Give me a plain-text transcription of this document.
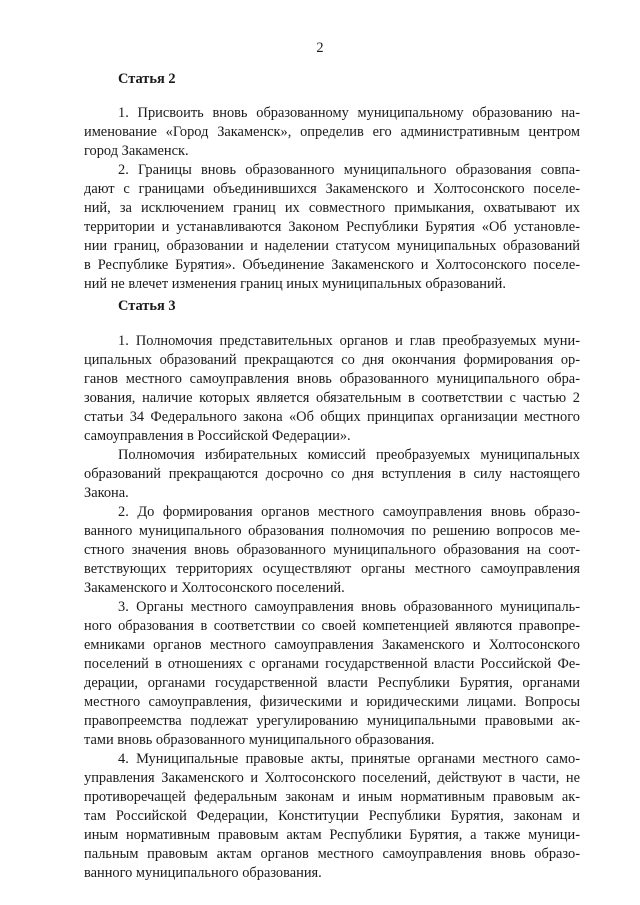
2
Статья 2
1. Присвоить вновь образованному муниципальному образованию на-
именование «Город Закаменск», определив его административным центром
город Закаменск.
2. Границы вновь образованного муниципального образования совпа-
дают с границами объединившихся Закаменского и Холтосонского поселе-
ний, за исключением границ их совместного примыкания, охватывают их
территории и устанавливаются Законом Республики Бурятия «Об установле-
нии границ, образовании и наделении статусом муниципальных образований
в Республике Бурятия». Объединение Закаменского и Холтосонского поселе-
ний не влечет изменения границ иных муниципальных образований.
Статья 3
1. Полномочия представительных органов и глав преобразуемых муни-
ципальных образований прекращаются со дня окончания формирования ор-
ганов местного самоуправления вновь образованного муниципального обра-
зования, наличие которых является обязательным в соответствии с частью 2
статьи 34 Федерального закона «Об общих принципах организации местного
самоуправления в Российской Федерации».
Полномочия избирательных комиссий преобразуемых муниципальных
образований прекращаются досрочно со дня вступления в силу настоящего
Закона.
2. До формирования органов местного самоуправления вновь образо-
ванного муниципального образования полномочия по решению вопросов ме-
стного значения вновь образованного муниципального образования на соот-
ветствующих территориях осуществляют органы местного самоуправления
Закаменского и Холтосонского поселений.
3. Органы местного самоуправления вновь образованного муниципаль-
ного образования в соответствии со своей компетенцией являются правопре-
емниками органов местного самоуправления Закаменского и Холтосонского
поселений в отношениях с органами государственной власти Российской Фе-
дерации, органами государственной власти Республики Бурятия, органами
местного самоуправления, физическими и юридическими лицами. Вопросы
правопреемства подлежат урегулированию муниципальными правовыми ак-
тами вновь образованного муниципального образования.
4. Муниципальные правовые акты, принятые органами местного само-
управления Закаменского и Холтосонского поселений, действуют в части, не
противоречащей федеральным законам и иным нормативным правовым ак-
там Российской Федерации, Конституции Республики Бурятия, законам и
иным нормативным правовым актам Республики Бурятия, а также муници-
пальным правовым актам органов местного самоуправления вновь образо-
ванного муниципального образования.
